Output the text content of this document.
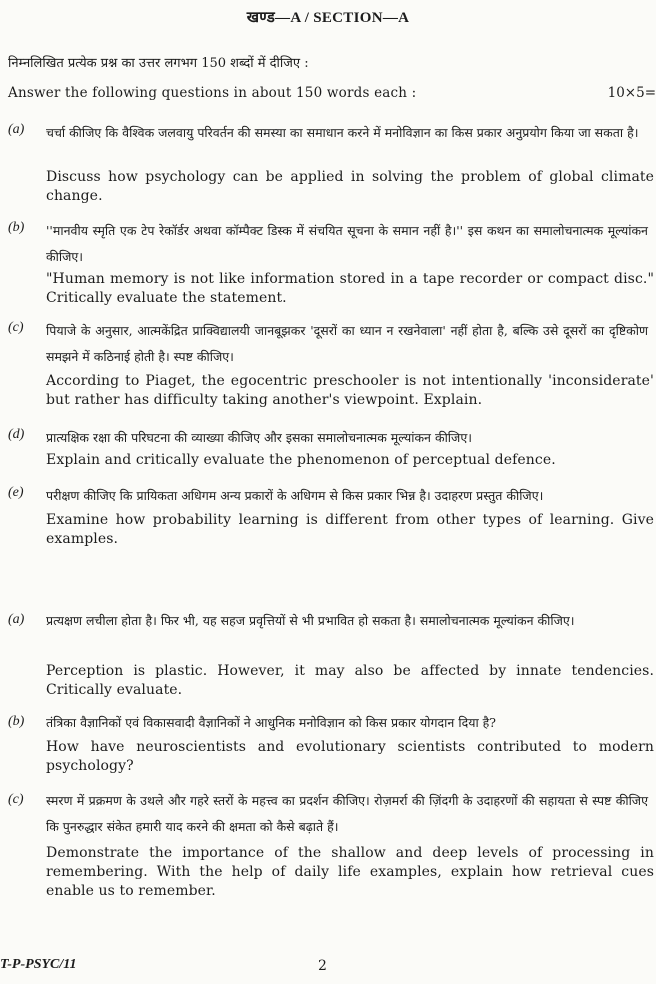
खण्ड—A / SECTION—A
निम्नलिखित प्रत्येक प्रश्न का उत्तर लगभग 150 शब्दों में दीजिए :
Answer the following questions in about 150 words each :	10×5=
(a) चर्चा कीजिए कि वैश्विक जलवायु परिवर्तन की समस्या का समाधान करने में मनोविज्ञान का किस प्रकार अनुप्रयोग किया जा सकता है।
Discuss how psychology can be applied in solving the problem of global climate change.
(b) ''मानवीय स्मृति एक टेप रेकॉर्डर अथवा कॉम्पैक्ट डिस्क में संचयित सूचना के समान नहीं है।'' इस कथन का समालोचनात्मक मूल्यांकन कीजिए।
"Human memory is not like information stored in a tape recorder or compact disc." Critically evaluate the statement.
(c) पियाजे के अनुसार, आत्मकेंद्रित प्राक्विद्यालयी जानबूझकर 'दूसरों का ध्यान न रखनेवाला' नहीं होता है, बल्कि उसे दूसरों का दृष्टिकोण समझने में कठिनाई होती है। स्पष्ट कीजिए।
According to Piaget, the egocentric preschooler is not intentionally 'inconsiderate' but rather has difficulty taking another's viewpoint. Explain.
(d) प्रात्यक्षिक रक्षा की परिघटना की व्याख्या कीजिए और इसका समालोचनात्मक मूल्यांकन कीजिए।
Explain and critically evaluate the phenomenon of perceptual defence.
(e) परीक्षण कीजिए कि प्रायिकता अधिगम अन्य प्रकारों के अधिगम से किस प्रकार भिन्न है। उदाहरण प्रस्तुत कीजिए।
Examine how probability learning is different from other types of learning. Give examples.
(a) प्रत्यक्षण लचीला होता है। फिर भी, यह सहज प्रवृत्तियों से भी प्रभावित हो सकता है। समालोचनात्मक मूल्यांकन कीजिए।
Perception is plastic. However, it may also be affected by innate tendencies. Critically evaluate.
(b) तंत्रिका वैज्ञानिकों एवं विकासवादी वैज्ञानिकों ने आधुनिक मनोविज्ञान को किस प्रकार योगदान दिया है?
How have neuroscientists and evolutionary scientists contributed to modern psychology?
(c) स्मरण में प्रक्रमण के उथले और गहरे स्तरों के महत्त्व का प्रदर्शन कीजिए। रोज़मर्रा की ज़िंदगी के उदाहरणों की सहायता से स्पष्ट कीजिए कि पुनरुद्धार संकेत हमारी याद करने की क्षमता को कैसे बढ़ाते हैं।
Demonstrate the importance of the shallow and deep levels of processing in remembering. With the help of daily life examples, explain how retrieval cues enable us to remember.
T-P-PSYC/11	2
